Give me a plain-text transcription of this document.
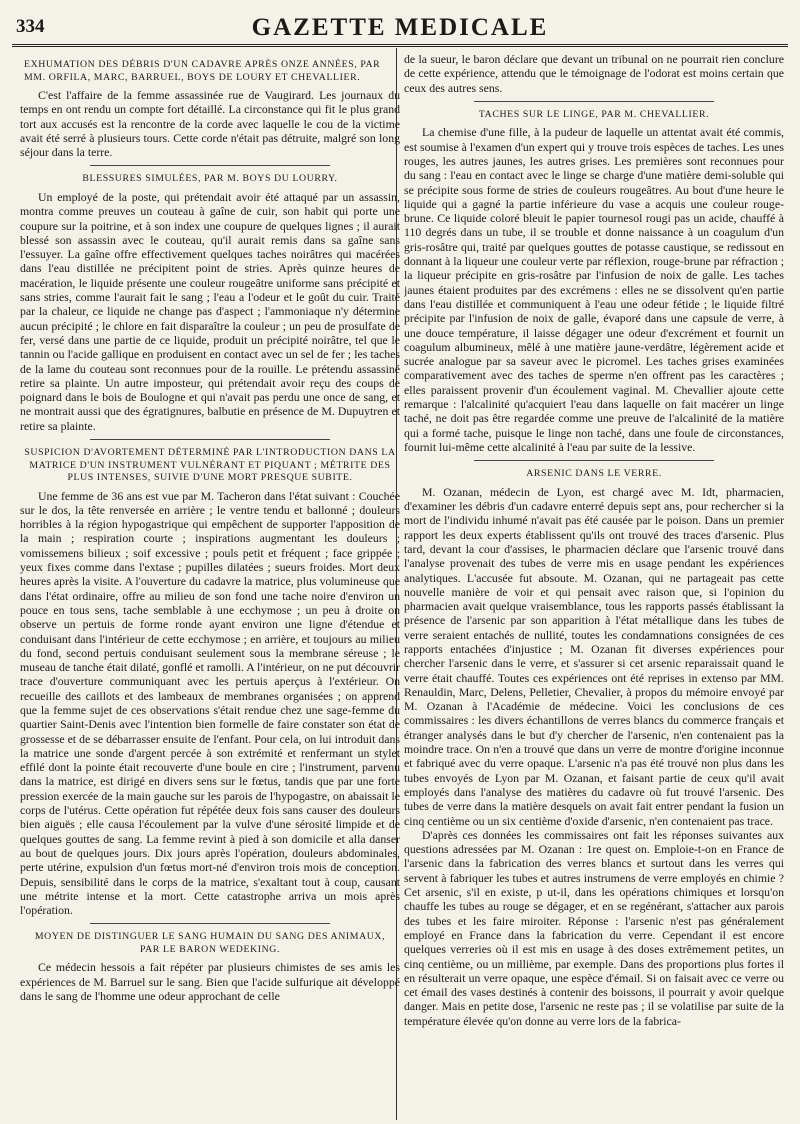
334	GAZETTE MEDICALE
EXHUMATION DES DÉBRIS D'UN CADAVRE APRÈS ONZE ANNÉES, PAR MM. ORFILA, MARC, BARRUEL, BOYS DE LOURY ET CHEVALLIER.

C'est l'affaire de la femme assassinée rue de Vaugirard. Les journaux du temps en ont rendu un compte fort détaillé. La circonstance qui fit le plus grand tort aux accusés est la rencontre de la corde avec laquelle le cou de la victime avait été serré à plusieurs tours. Cette corde n'était pas détruite, malgré son long séjour dans la terre.

BLESSURES SIMULÉES, PAR M. BOYS DU LOURRY.

Un employé de la poste, qui prétendait avoir été attaqué par un assassin, montra comme preuves un couteau à gaîne de cuir, son habit qui porte une coupure sur la poitrine, et à son index une coupure de quelques lignes ; il aurait blessé son assassin avec le couteau, qu'il aurait remis dans sa gaîne sans l'essuyer. La gaîne offre effectivement quelques taches noirâtres qui macérées dans l'eau distillée ne précipitent point de stries. Après quinze heures de macération, le liquide présente une couleur rougeâtre uniforme sans précipité et sans stries, comme l'aurait fait le sang ; l'eau a l'odeur et le goût du cuir. Traité par la chaleur, ce liquide ne change pas d'aspect ; l'ammoniaque n'y détermine aucun précipité ; le chlore en fait disparaître la couleur ; un peu de prosulfate de fer, versé dans une partie de ce liquide, produit un précipité noirâtre, tel que le tannin ou l'acide gallique en produisent en contact avec un sel de fer ; les taches de la lame du couteau sont reconnues pour de la rouille. Le prétendu assassiné retire sa plainte. Un autre imposteur, qui prétendait avoir reçu des coups de poignard dans le bois de Boulogne et qui n'avait pas perdu une once de sang, et ne montrait aussi que des égratignures, balbutie en présence de M. Dupuytren et retire sa plainte.

SUSPICION D'AVORTEMENT DÉTERMINÉ PAR L'INTRODUCTION DANS LA MATRICE D'UN INSTRUMENT VULNÉRANT ET PIQUANT ; MÉTRITE DES PLUS INTENSES, SUIVIE D'UNE MORT PRESQUE SUBITE.

Une femme de 36 ans est vue par M. Tacheron dans l'état suivant : Couchée sur le dos, la tête renversée en arrière ; le ventre tendu et ballonné ; douleurs horribles à la région hypogastrique qui empêchent de supporter l'apposition de la main ; respiration courte ; inspirations augmentant les douleurs ; vomissemens bilieux ; soif excessive ; pouls petit et fréquent ; face grippée ; yeux fixes comme dans l'extase ; pupilles dilatées ; sueurs froides. Mort deux heures après la visite. A l'ouverture du cadavre la matrice, plus volumineuse que dans l'état ordinaire, offre au milieu de son fond une tache noire d'environ un pouce en tous sens, tache semblable à une ecchymose ; un peu à droite on observe un pertuis de forme ronde ayant environ une ligne d'étendue et conduisant dans l'intérieur de cette ecchymose ; en arrière, et toujours au milieu du fond, second pertuis conduisant seulement sous la membrane séreuse ; le museau de tanche était dilaté, gonflé et ramolli. A l'intérieur, on ne put découvrir trace d'ouverture communiquant avec les pertuis aperçus à l'extérieur. On recueille des caillots et des lambeaux de membranes organisées ; on apprend que la femme sujet de ces observations s'était rendue chez une sage-femme du quartier Saint-Denis avec l'intention bien formelle de faire constater son état de grossesse et de se débarrasser ensuite de l'enfant. Pour cela, on lui introduit dans la matrice une sonde d'argent percée à son extrémité et renfermant un stylet effilé dont la pointe était recouverte d'une boule en cire ; l'instrument, parvenu dans la matrice, est dirigé en divers sens sur le fœtus, tandis que par une forte pression exercée de la main gauche sur les parois de l'hypogastre, on abaissait le corps de l'utérus. Cette opération fut répétée deux fois sans causer des douleurs bien aiguës ; elle causa l'écoulement par la vulve d'une sérosité limpide et de quelques gouttes de sang. La femme revint à pied à son domicile et alla danser au bout de quelques jours. Dix jours après l'opération, douleurs abdominales, perte utérine, expulsion d'un fœtus mort-né d'environ trois mois de conception. Depuis, sensibilité dans le corps de la matrice, s'exaltant tout à coup, causant une métrite intense et la mort. Cette catastrophe arriva un mois après l'opération.

MOYEN DE DISTINGUER LE SANG HUMAIN DU SANG DES ANIMAUX, PAR LE BARON WEDEKING.

Ce médecin hessois a fait répéter par plusieurs chimistes de ses amis les expériences de M. Barruel sur le sang. Bien que l'acide sulfurique ait développé dans le sang de l'homme une odeur approchant de celle

de la sueur, le baron déclare que devant un tribunal on ne pourrait rien conclure de cette expérience, attendu que le témoignage de l'odorat est moins certain que ceux des autres sens.

TACHES SUR LE LINGE, PAR M. CHEVALLIER.

La chemise d'une fille, à la pudeur de laquelle un attentat avait été commis, est soumise à l'examen d'un expert qui y trouve trois espèces de taches. Les unes rouges, les autres jaunes, les autres grises. Les premières sont reconnues pour du sang : l'eau en contact avec le linge se charge d'une matière demi-soluble qui se précipite sous forme de stries de couleurs rougeâtres. Au bout d'une heure le liquide qui a gagné la partie inférieure du vase a acquis une couleur rouge-brune. Ce liquide coloré bleuit le papier tournesol rougi pas un acide, chauffé à 110 degrés dans un tube, il se trouble et donne naissance à un coagulum d'un gris-rosâtre qui, traité par quelques gouttes de potasse caustique, se redissout en donnant à la liqueur une couleur verte par réflexion, rouge-brune par réfraction ; la liqueur précipite en gris-rosâtre par l'infusion de noix de galle. Les taches jaunes étaient produites par des excrémens : elles ne se dissolvent qu'en partie dans l'eau distillée et communiquent à l'eau une odeur fétide ; le liquide filtré précipite par l'infusion de noix de galle, évaporé dans une capsule de verre, à une douce température, il laisse dégager une odeur d'excrément et fournit un coagulum albumineux, mêlé à une matière jaune-verdâtre, légèrement acide et sucrée analogue par sa saveur avec le picromel. Les taches grises examinées comparativement avec des taches de sperme n'en offrent pas les caractères ; elles paraissent provenir d'un écoulement vaginal. M. Chevallier ajoute cette remarque : l'alcalinité qu'acquiert l'eau dans laquelle on fait macérer un linge taché, ne doit pas être regardée comme une preuve de l'alcalinité de la matière qui a formé tache, puisque le linge non taché, dans une foule de circonstances, fournit lui-même cette alcalinité à l'eau par suite de la lessive.

ARSENIC DANS LE VERRE.

M. Ozanan, médecin de Lyon, est chargé avec M. Idt, pharmacien, d'examiner les débris d'un cadavre enterré depuis sept ans, pour rechercher si la mort de l'individu inhumé n'avait pas été causée par le poison. Dans un premier rapport les deux experts établissent qu'ils ont trouvé des traces d'arsenic. Plus tard, devant la cour d'assises, le pharmacien déclare que l'arsenic trouvé dans l'analyse provenait des tubes de verre mis en usage pendant les expériences analytiques. L'accusée fut absoute. M. Ozanan, qui ne partageait pas cette nouvelle manière de voir et qui pensait avec raison que, si l'opinion du pharmacien avait quelque vraisemblance, tous les rapports passés établissant la présence de l'arsenic par son apparition à l'état métallique dans les tubes de verre seraient entachés de nullité, toutes les condamnations consignées de ces rapports entachées d'injustice ; M. Ozanan fit diverses expériences pour chercher l'arsenic dans le verre, et s'assurer si cet arsenic reparaissait quand le verre était chauffé. Toutes ces expériences ont été reprises in extenso par MM. Renauldin, Marc, Delens, Pelletier, Chevalier, à propos du mémoire envoyé par M. Ozanan à l'Académie de médecine. Voici les conclusions de ces commissaires : les divers échantillons de verres blancs du commerce français et étranger analysés dans le but d'y chercher de l'arsenic, n'en contenaient pas la moindre trace. On n'en a trouvé que dans un verre de montre d'origine inconnue et fabriqué avec du verre opaque. L'arsenic n'a pas été trouvé non plus dans les tubes envoyés de Lyon par M. Ozanan, et faisant partie de ceux qu'il avait employés dans l'analyse des matières du cadavre où fut trouvé l'arsenic. Des tubes de verre dans la matière desquels on avait fait entrer pendant la fusion un cinq centième ou un six centième d'oxide d'arsenic, n'en contenaient pas trace.

D'après ces données les commissaires ont fait les réponses suivantes aux questions adressées par M. Ozanan : 1re quest on. Emploie-t-on en France de l'arsenic dans la fabrication des verres blancs et surtout dans les verres qui servent à fabriquer les tubes et autres instrumens de verre employés en chimie ? Cet arsenic, s'il en existe, p ut-il, dans les opérations chimiques et lorsqu'on chauffe les tubes au rouge se dégager, et en se regénérant, s'attacher aux parois des tubes et les faire miroiter. Réponse : l'arsenic n'est pas généralement employé en France dans la fabrication du verre. Cependant il est encore quelques verreries où il est mis en usage à des doses extrêmement petites, un cinq centième, ou un millième, par exemple. Dans des proportions plus fortes il en résulterait un verre opaque, une espèce d'émail. Si on faisait avec ce verre ou cet émail des vases destinés à contenir des boissons, il pourrait y avoir quelque danger. Mais en petite dose, l'arsenic ne reste pas ; il se volatilise par suite de la température élevée qu'on donne au verre lors de la fabrica-
